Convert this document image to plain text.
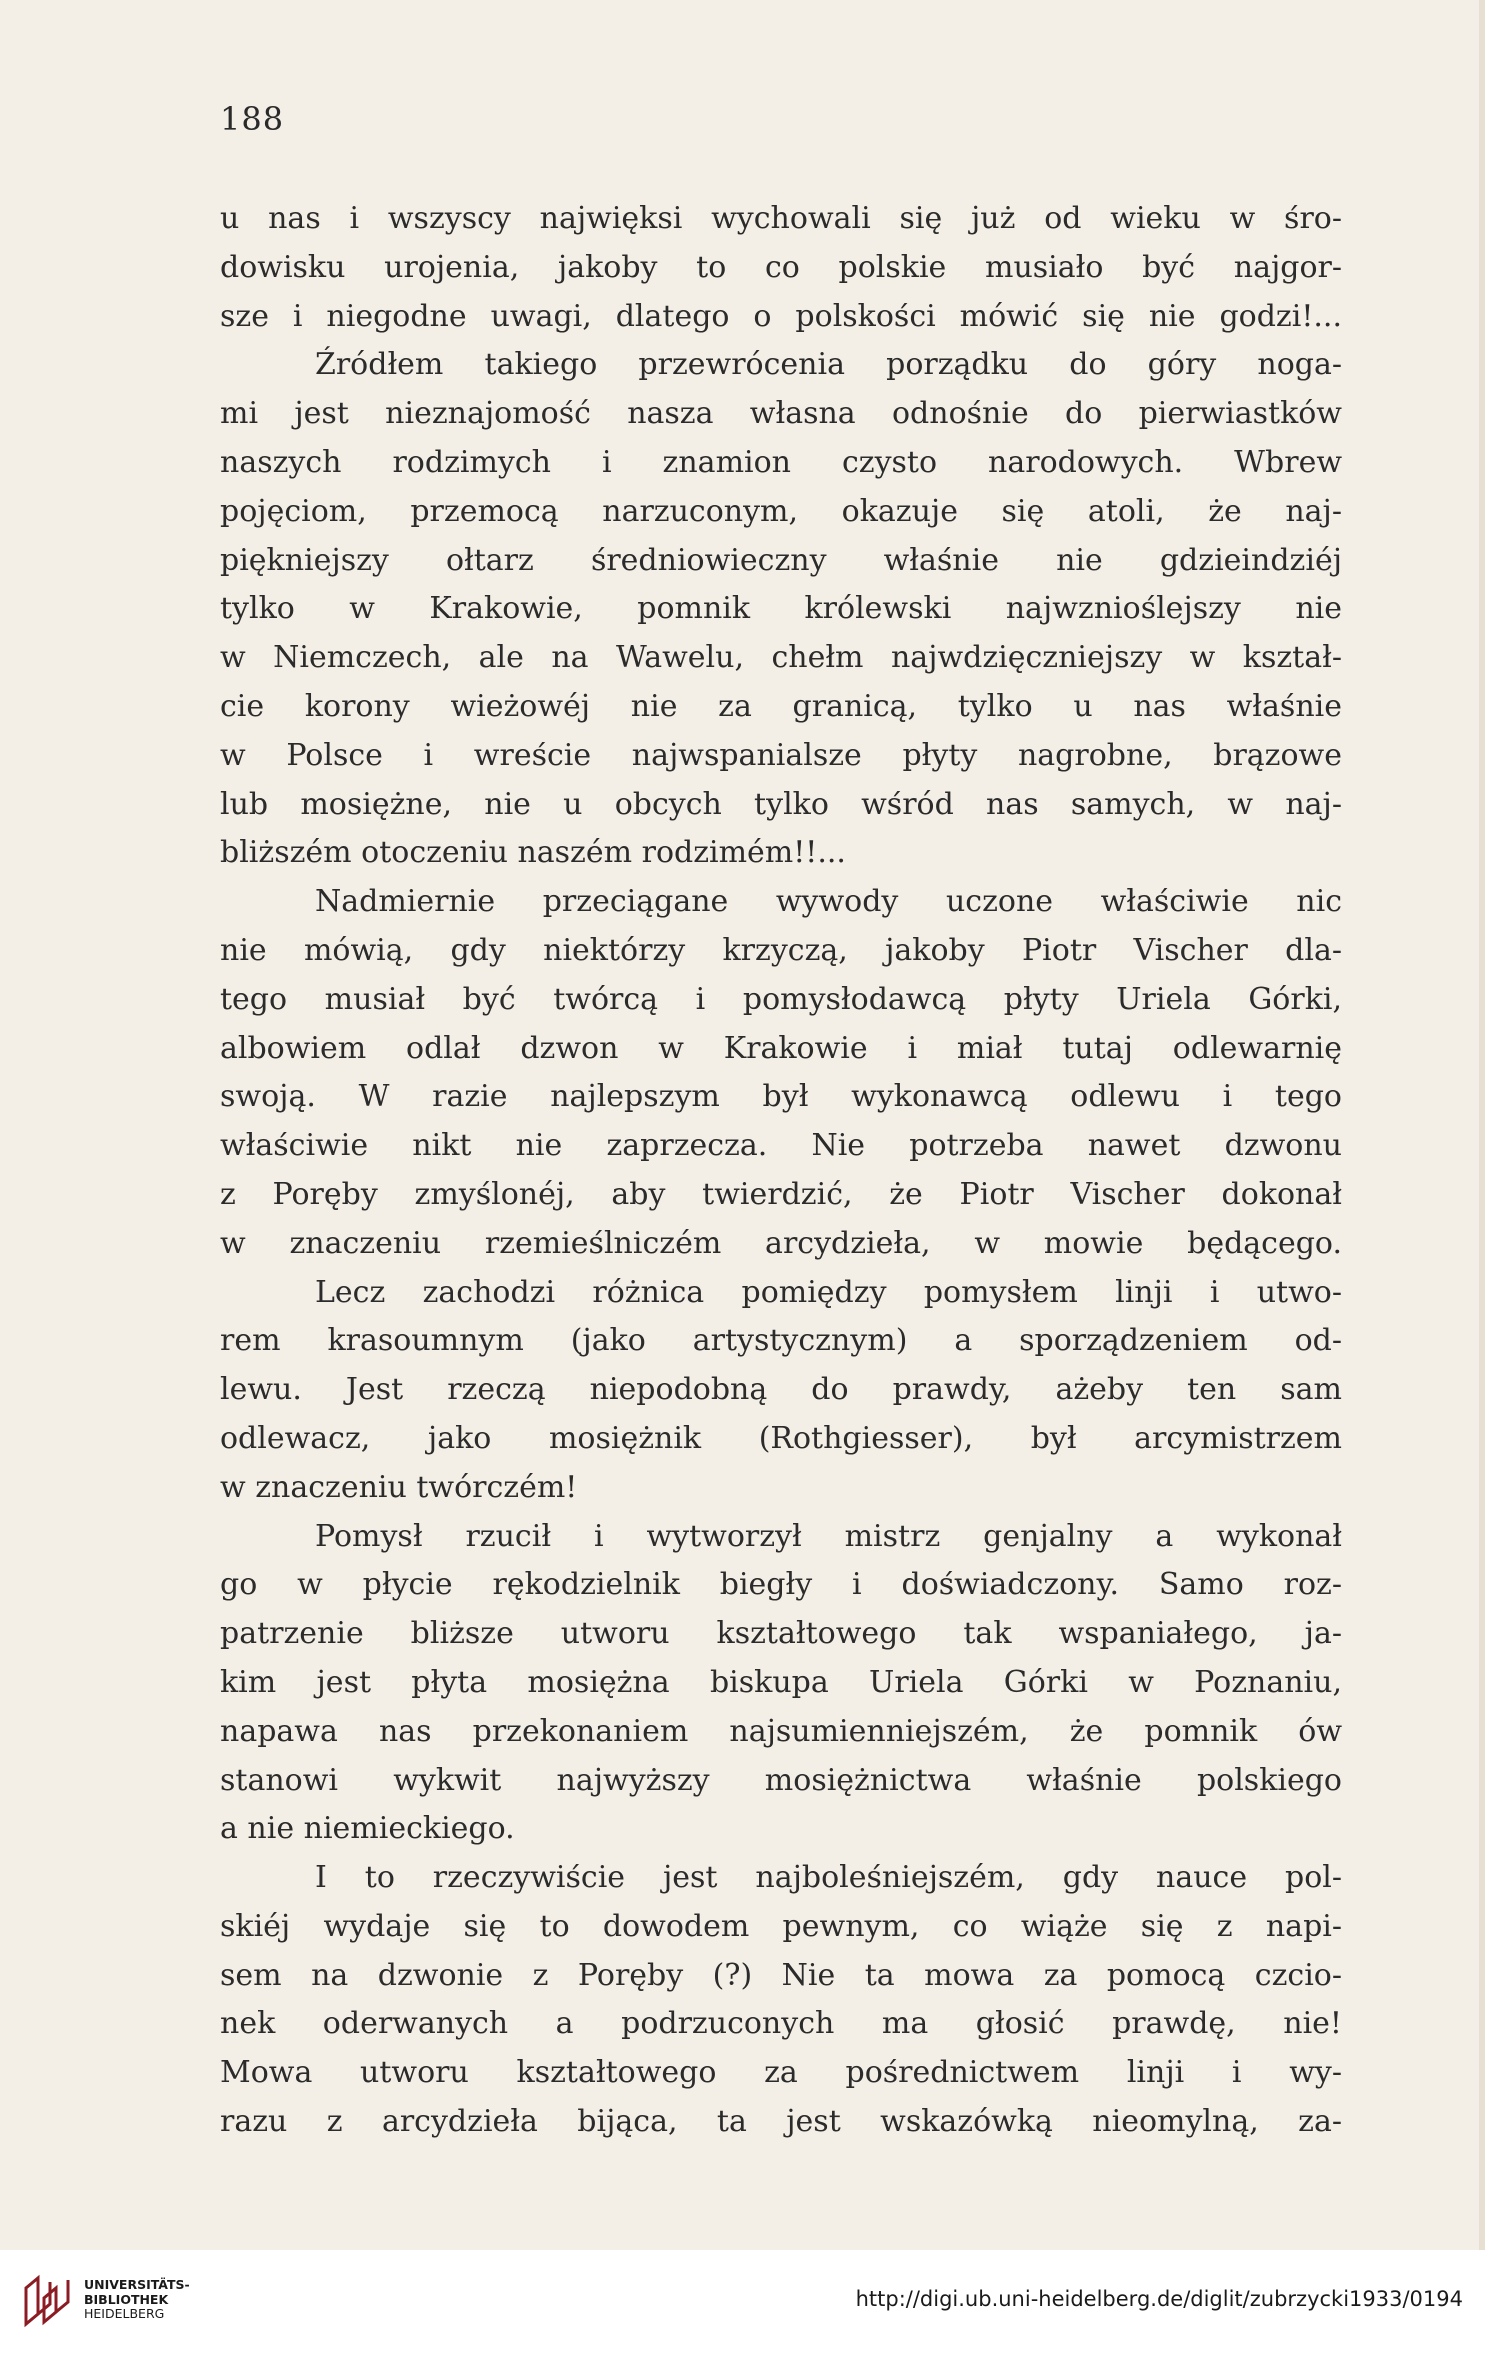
188
u nas i wszyscy najwięksi wychowali się już od wieku w śro-
dowisku urojenia, jakoby to co polskie musiało być najgor-
sze i niegodne uwagi, dlatego o polskości mówić się nie godzi!...
Źródłem takiego przewrócenia porządku do góry noga-
mi jest nieznajomość nasza własna odnośnie do pierwiastków
naszych rodzimych i znamion czysto narodowych. Wbrew
pojęciom, przemocą narzuconym, okazuje się atoli, że naj-
piękniejszy ołtarz średniowieczny właśnie nie gdzieindziéj
tylko w Krakowie, pomnik królewski najwznioślejszy nie
w Niemczech, ale na Wawelu, chełm najwdzięczniejszy w kształ-
cie korony wieżowéj nie za granicą, tylko u nas właśnie
w Polsce i wreście najwspanialsze płyty nagrobne, brązowe
lub mosiężne, nie u obcych tylko wśród nas samych, w naj-
bliższém otoczeniu naszém rodzimém!!...
Nadmiernie przeciągane wywody uczone właściwie nic
nie mówią, gdy niektórzy krzyczą, jakoby Piotr Vischer dla-
tego musiał być twórcą i pomysłodawcą płyty Uriela Górki,
albowiem odlał dzwon w Krakowie i miał tutaj odlewarnię
swoją. W razie najlepszym był wykonawcą odlewu i tego
właściwie nikt nie zaprzecza. Nie potrzeba nawet dzwonu
z Poręby zmyślonéj, aby twierdzić, że Piotr Vischer dokonał
w znaczeniu rzemieślniczém arcydzieła, w mowie będącego.
Lecz zachodzi różnica pomiędzy pomysłem linji i utwo-
rem krasoumnym (jako artystycznym) a sporządzeniem od-
lewu. Jest rzeczą niepodobną do prawdy, ażeby ten sam
odlewacz, jako mosiężnik (Rothgiesser), był arcymistrzem
w znaczeniu twórczém!
Pomysł rzucił i wytworzył mistrz genjalny a wykonał
go w płycie rękodzielnik biegły i doświadczony. Samo roz-
patrzenie bliższe utworu kształtowego tak wspaniałego, ja-
kim jest płyta mosiężna biskupa Uriela Górki w Poznaniu,
napawa nas przekonaniem najsumienniejszém, że pomnik ów
stanowi wykwit najwyższy mosiężnictwa właśnie polskiego
a nie niemieckiego.
I to rzeczywiście jest najboleśniejszém, gdy nauce pol-
skiéj wydaje się to dowodem pewnym, co wiąże się z napi-
sem na dzwonie z Poręby (?) Nie ta mowa za pomocą czcio-
nek oderwanych a podrzuconych ma głosić prawdę, nie!
Mowa utworu kształtowego za pośrednictwem linji i wy-
razu z arcydzieła bijąca, ta jest wskazówką nieomylną, za-
UNIVERSITÄTS-
BIBLIOTHEK
HEIDELBERG
http://digi.ub.uni-heidelberg.de/diglit/zubrzycki1933/0194
